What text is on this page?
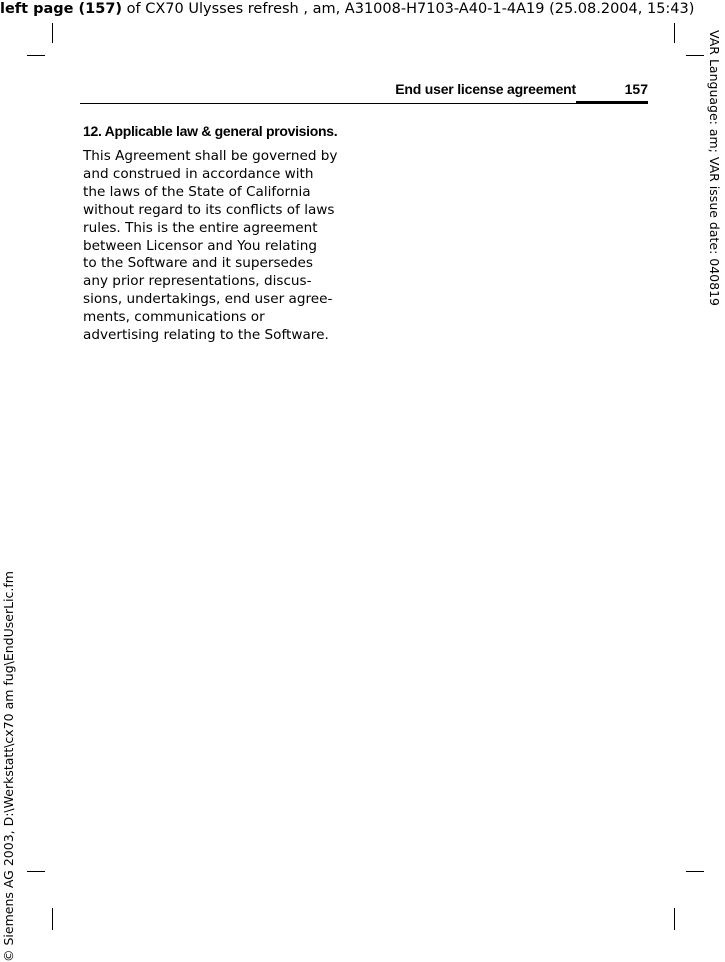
left page (157) of CX70 Ulysses refresh , am, A31008-H7103-A40-1-4A19 (25.08.2004, 15:43)
VAR Language: am; VAR issue date: 040819
© Siemens AG 2003, D:\Werkstatt\cx70 am fug\EndUserLic.fm
End user license agreement	157
12. Applicable law & general provisions.
This Agreement shall be governed by
and construed in accordance with
the laws of the State of California
without regard to its conflicts of laws
rules. This is the entire agreement
between Licensor and You relating
to the Software and it supersedes
any prior representations, discus-
sions, undertakings, end user agree-
ments, communications or
advertising relating to the Software.
